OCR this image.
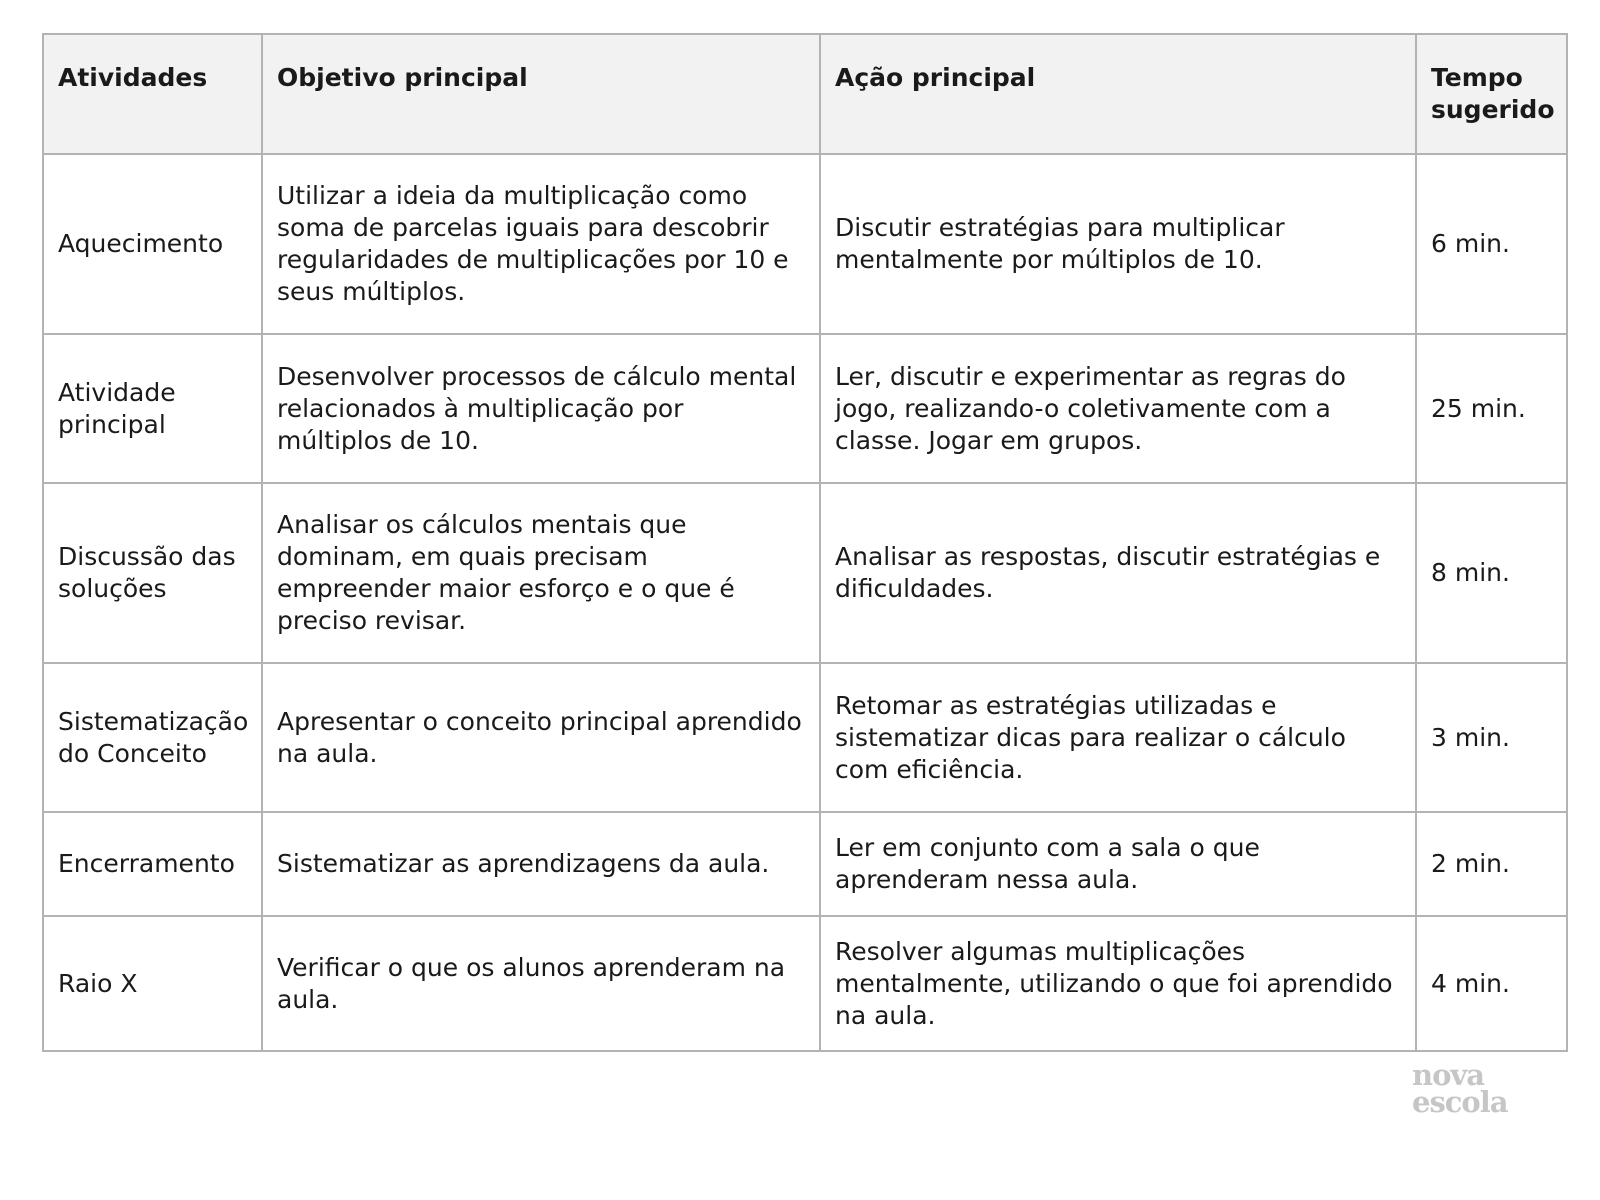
Atividades	Objetivo principal	Ação principal	Tempo sugerido
Aquecimento	Utilizar a ideia da multiplicação como soma de parcelas iguais para descobrir regularidades de multiplicações por 10 e seus múltiplos.	Discutir estratégias para multiplicar mentalmente por múltiplos de 10.	6 min.
Atividade principal	Desenvolver processos de cálculo mental relacionados à multiplicação por múltiplos de 10.	Ler, discutir e experimentar as regras do jogo, realizando-o coletivamente com a classe. Jogar em grupos.	25 min.
Discussão das soluções	Analisar os cálculos mentais que dominam, em quais precisam empreender maior esforço e o que é preciso revisar.	Analisar as respostas, discutir estratégias e dificuldades.	8 min.
Sistematização do Conceito	Apresentar o conceito principal aprendido na aula.	Retomar as estratégias utilizadas e sistematizar dicas para realizar o cálculo com eficiência.	3 min.
Encerramento	Sistematizar as aprendizagens da aula.	Ler em conjunto com a sala o que aprenderam nessa aula.	2 min.
Raio X	Verificar o que os alunos aprenderam na aula.	Resolver algumas multiplicações mentalmente, utilizando o que foi aprendido na aula.	4 min.
nova
escola
